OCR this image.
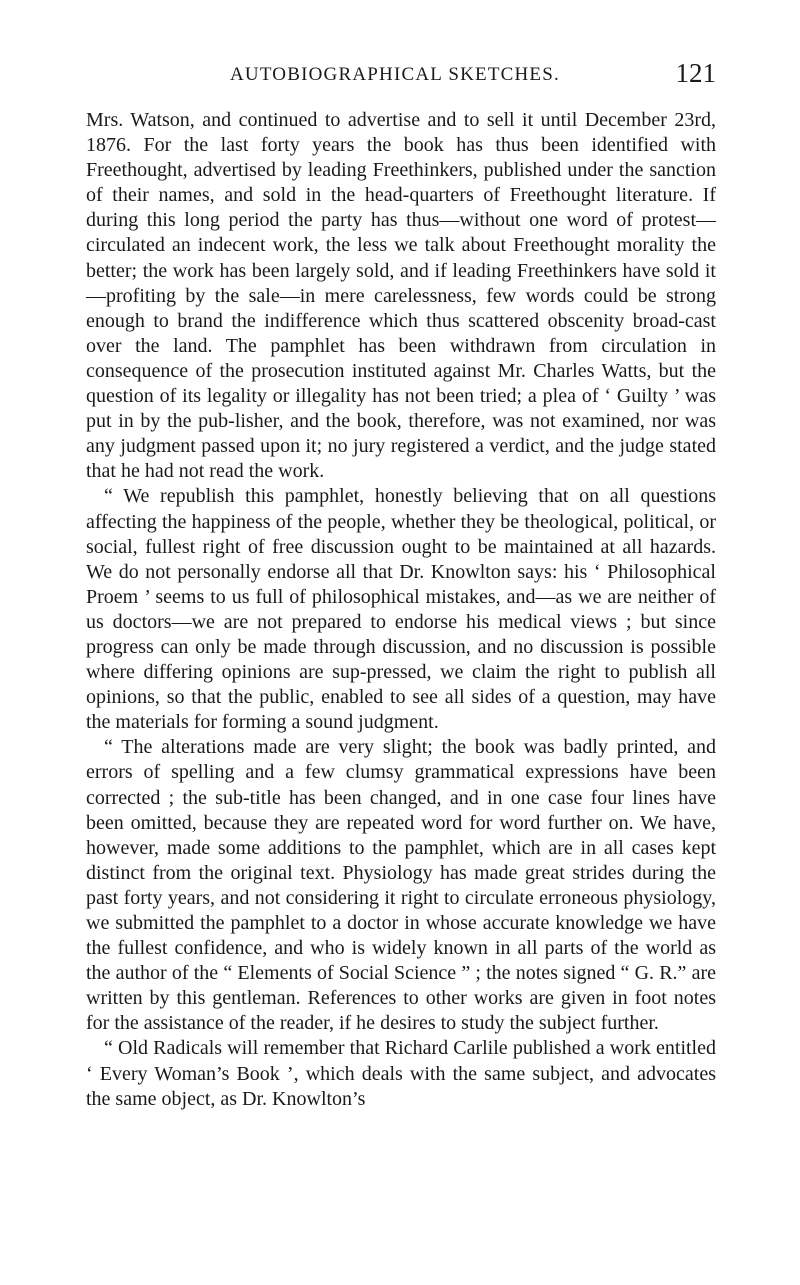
AUTOBIOGRAPHICAL SKETCHES.	121

Mrs. Watson, and continued to advertise and to sell it until December 23rd, 1876. For the last forty years the book has thus been identified with Freethought, advertised by leading Freethinkers, published under the sanction of their names, and sold in the head-quarters of Freethought literature. If during this long period the party has thus—without one word of protest—circulated an indecent work, the less we talk about Freethought morality the better; the work has been largely sold, and if leading Freethinkers have sold it—profiting by the sale—in mere carelessness, few words could be strong enough to brand the indifference which thus scattered obscenity broad-cast over the land. The pamphlet has been withdrawn from circulation in consequence of the prosecution instituted against Mr. Charles Watts, but the question of its legality or illegality has not been tried; a plea of ‘ Guilty ’ was put in by the pub-lisher, and the book, therefore, was not examined, nor was any judgment passed upon it; no jury registered a verdict, and the judge stated that he had not read the work.

“ We republish this pamphlet, honestly believing that on all questions affecting the happiness of the people, whether they be theological, political, or social, fullest right of free discussion ought to be maintained at all hazards. We do not personally endorse all that Dr. Knowlton says: his ‘ Philosophical Proem ’ seems to us full of philosophical mistakes, and—as we are neither of us doctors—we are not prepared to endorse his medical views ; but since progress can only be made through discussion, and no discussion is possible where differing opinions are sup-pressed, we claim the right to publish all opinions, so that the public, enabled to see all sides of a question, may have the materials for forming a sound judgment.

“ The alterations made are very slight; the book was badly printed, and errors of spelling and a few clumsy grammatical expressions have been corrected ; the sub-title has been changed, and in one case four lines have been omitted, because they are repeated word for word further on. We have, however, made some additions to the pamphlet, which are in all cases kept distinct from the original text. Physiology has made great strides during the past forty years, and not considering it right to circulate erroneous physiology, we submitted the pamphlet to a doctor in whose accurate knowledge we have the fullest confidence, and who is widely known in all parts of the world as the author of the “ Elements of Social Science ” ; the notes signed “ G. R.” are written by this gentleman. References to other works are given in foot notes for the assistance of the reader, if he desires to study the subject further.

“ Old Radicals will remember that Richard Carlile published a work entitled ‘ Every Woman’s Book ’, which deals with the same subject, and advocates the same object, as Dr. Knowlton’s
